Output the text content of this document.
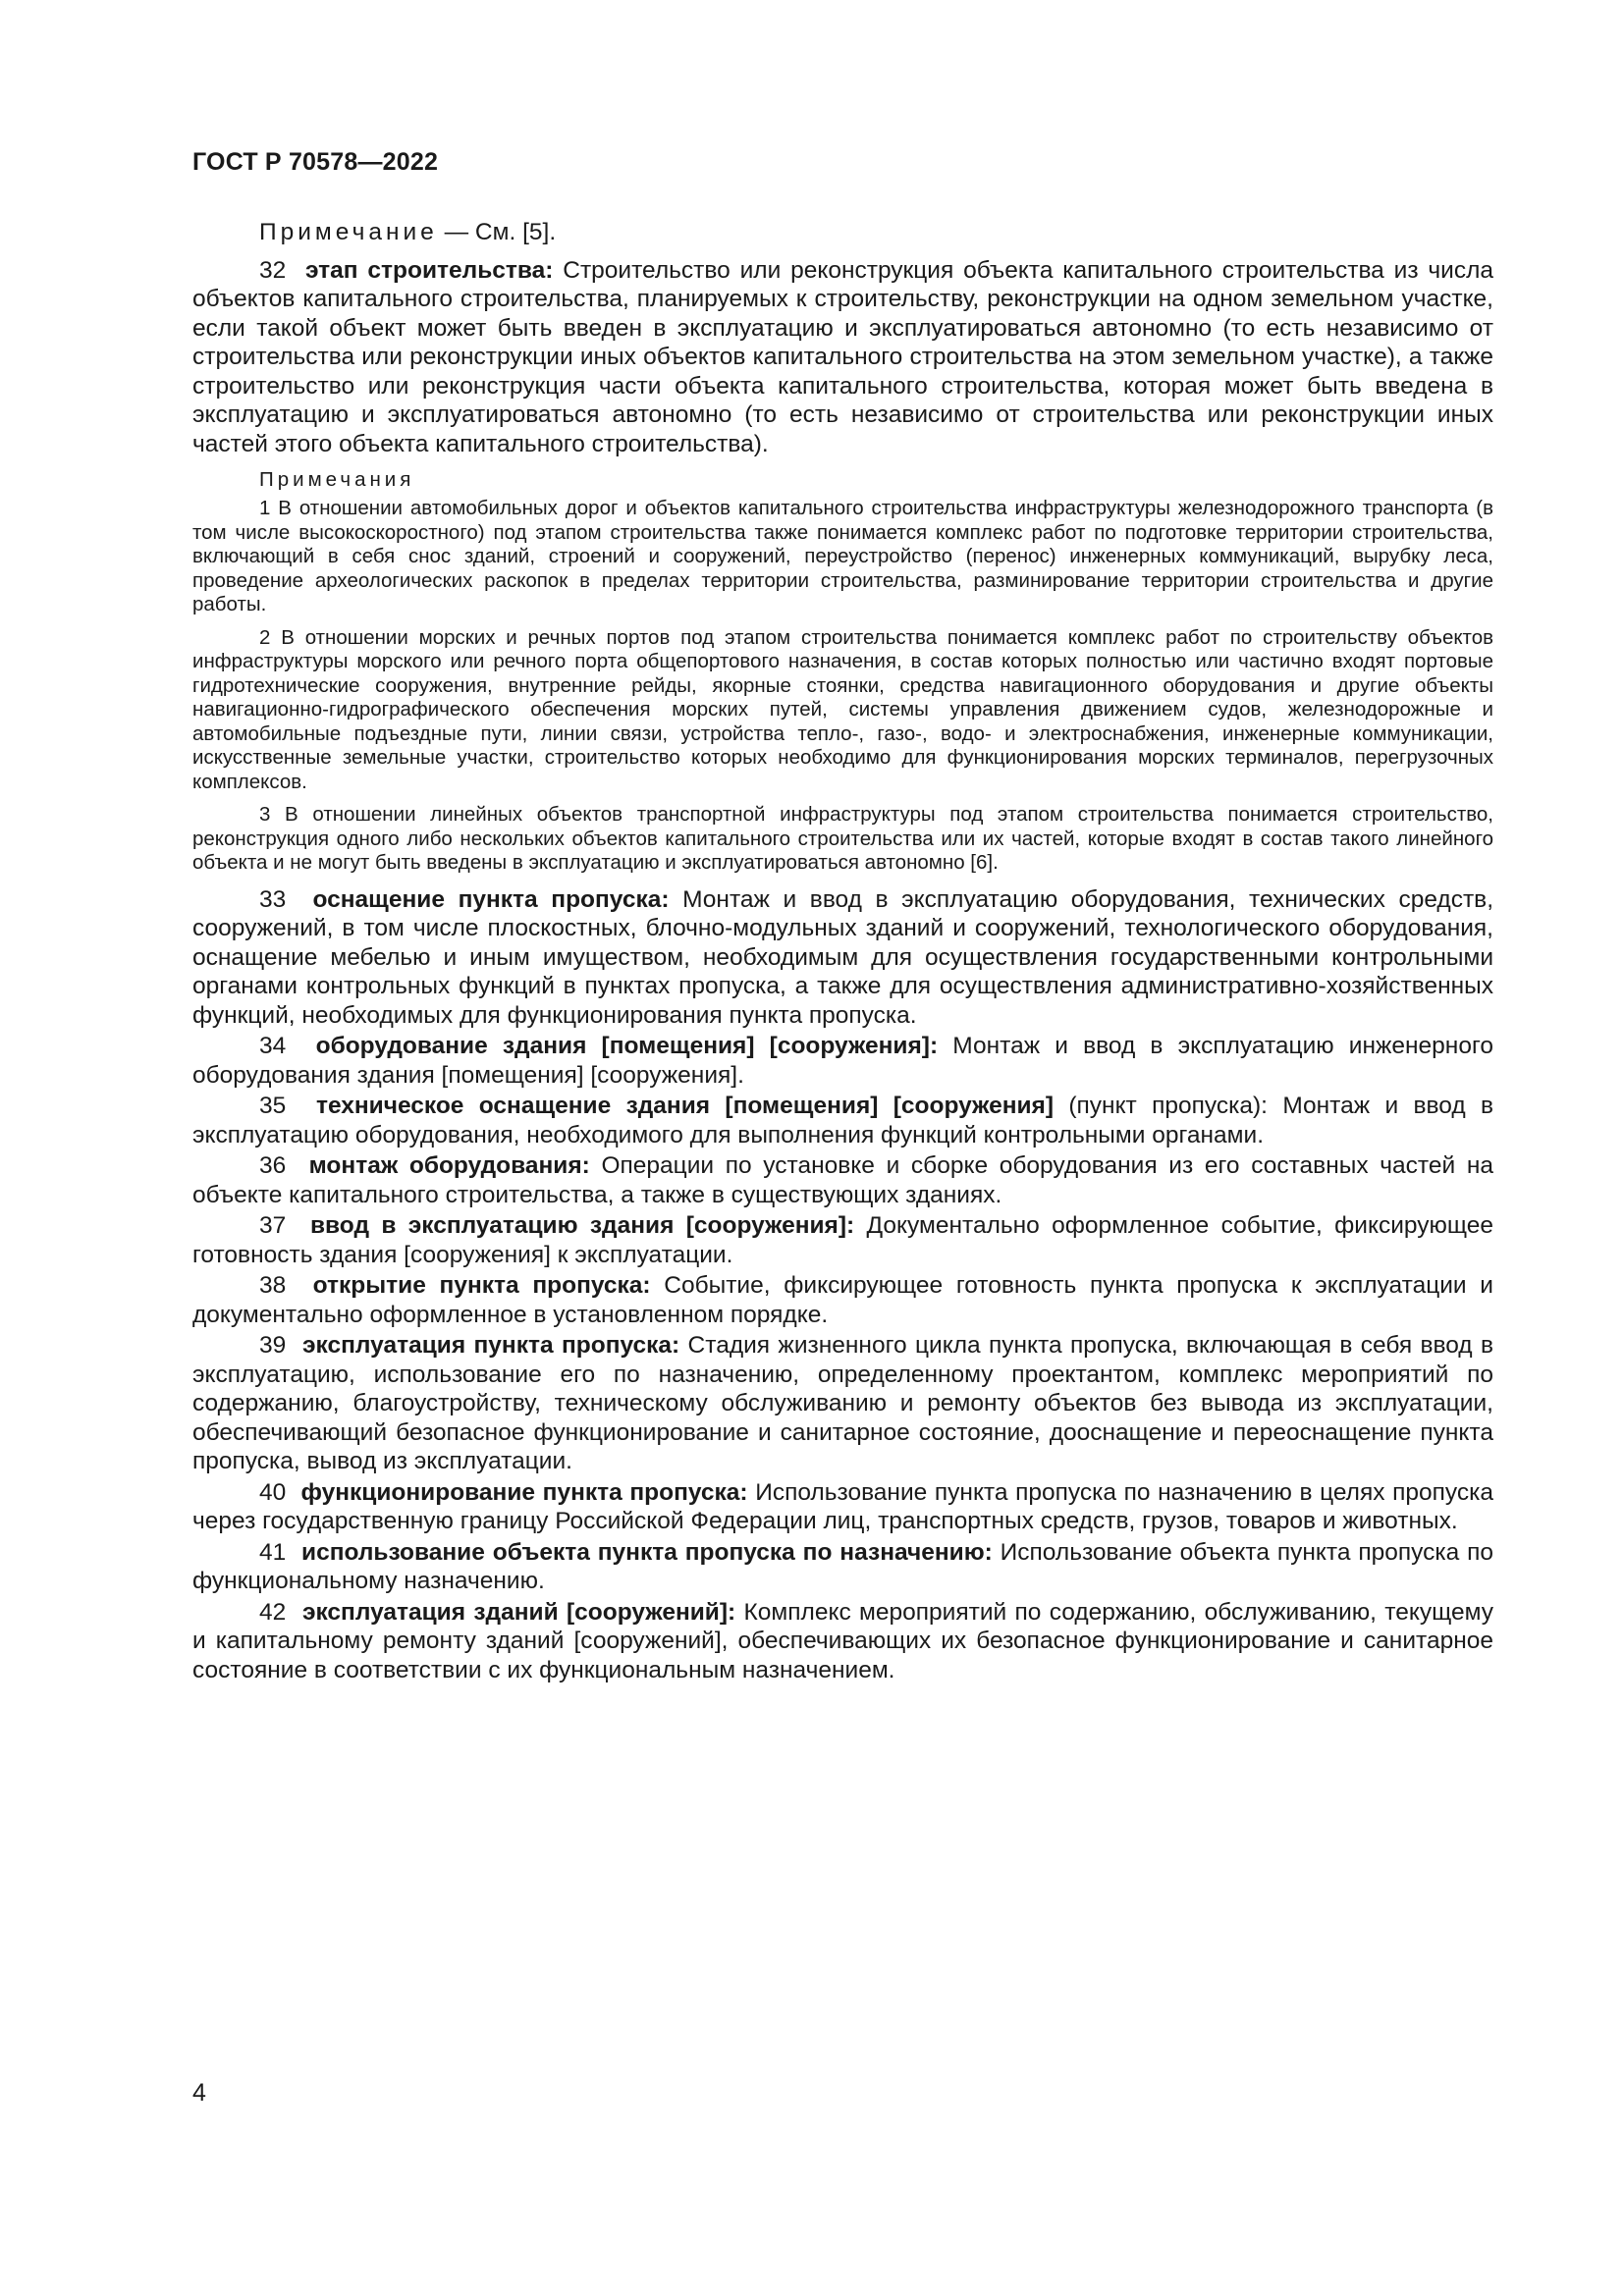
ГОСТ Р 70578—2022

Примечание — См. [5].

32 этап строительства: Строительство или реконструкция объекта капитального строительства из числа объектов капитального строительства, планируемых к строительству, реконструкции на одном земельном участке, если такой объект может быть введен в эксплуатацию и эксплуатироваться автономно (то есть независимо от строительства или реконструкции иных объектов капитального строительства на этом земельном участке), а также строительство или реконструкция части объекта капитального строительства, которая может быть введена в эксплуатацию и эксплуатироваться автономно (то есть независимо от строительства или реконструкции иных частей этого объекта капитального строительства).

Примечания

1 В отношении автомобильных дорог и объектов капитального строительства инфраструктуры железнодорожного транспорта (в том числе высокоскоростного) под этапом строительства также понимается комплекс работ по подготовке территории строительства, включающий в себя снос зданий, строений и сооружений, переустройство (перенос) инженерных коммуникаций, вырубку леса, проведение археологических раскопок в пределах территории строительства, разминирование территории строительства и другие работы.

2 В отношении морских и речных портов под этапом строительства понимается комплекс работ по строительству объектов инфраструктуры морского или речного порта общепортового назначения, в состав которых полностью или частично входят портовые гидротехнические сооружения, внутренние рейды, якорные стоянки, средства навигационного оборудования и другие объекты навигационно-гидрографического обеспечения морских путей, системы управления движением судов, железнодорожные и автомобильные подъездные пути, линии связи, устройства тепло-, газо-, водо- и электроснабжения, инженерные коммуникации, искусственные земельные участки, строительство которых необходимо для функционирования морских терминалов, перегрузочных комплексов.

3 В отношении линейных объектов транспортной инфраструктуры под этапом строительства понимается строительство, реконструкция одного либо нескольких объектов капитального строительства или их частей, которые входят в состав такого линейного объекта и не могут быть введены в эксплуатацию и эксплуатироваться автономно [6].

33 оснащение пункта пропуска: Монтаж и ввод в эксплуатацию оборудования, технических средств, сооружений, в том числе плоскостных, блочно-модульных зданий и сооружений, технологического оборудования, оснащение мебелью и иным имуществом, необходимым для осуществления государственными контрольными органами контрольных функций в пунктах пропуска, а также для осуществления административно-хозяйственных функций, необходимых для функционирования пункта пропуска.

34 оборудование здания [помещения] [сооружения]: Монтаж и ввод в эксплуатацию инженерного оборудования здания [помещения] [сооружения].

35 техническое оснащение здания [помещения] [сооружения] (пункт пропуска): Монтаж и ввод в эксплуатацию оборудования, необходимого для выполнения функций контрольными органами.

36 монтаж оборудования: Операции по установке и сборке оборудования из его составных частей на объекте капитального строительства, а также в существующих зданиях.

37 ввод в эксплуатацию здания [сооружения]: Документально оформленное событие, фиксирующее готовность здания [сооружения] к эксплуатации.

38 открытие пункта пропуска: Событие, фиксирующее готовность пункта пропуска к эксплуатации и документально оформленное в установленном порядке.

39 эксплуатация пункта пропуска: Стадия жизненного цикла пункта пропуска, включающая в себя ввод в эксплуатацию, использование его по назначению, определенному проектантом, комплекс мероприятий по содержанию, благоустройству, техническому обслуживанию и ремонту объектов без вывода из эксплуатации, обеспечивающий безопасное функционирование и санитарное состояние, дооснащение и переоснащение пункта пропуска, вывод из эксплуатации.

40 функционирование пункта пропуска: Использование пункта пропуска по назначению в целях пропуска через государственную границу Российской Федерации лиц, транспортных средств, грузов, товаров и животных.

41 использование объекта пункта пропуска по назначению: Использование объекта пункта пропуска по функциональному назначению.

42 эксплуатация зданий [сооружений]: Комплекс мероприятий по содержанию, обслуживанию, текущему и капитальному ремонту зданий [сооружений], обеспечивающих их безопасное функционирование и санитарное состояние в соответствии с их функциональным назначением.

4
